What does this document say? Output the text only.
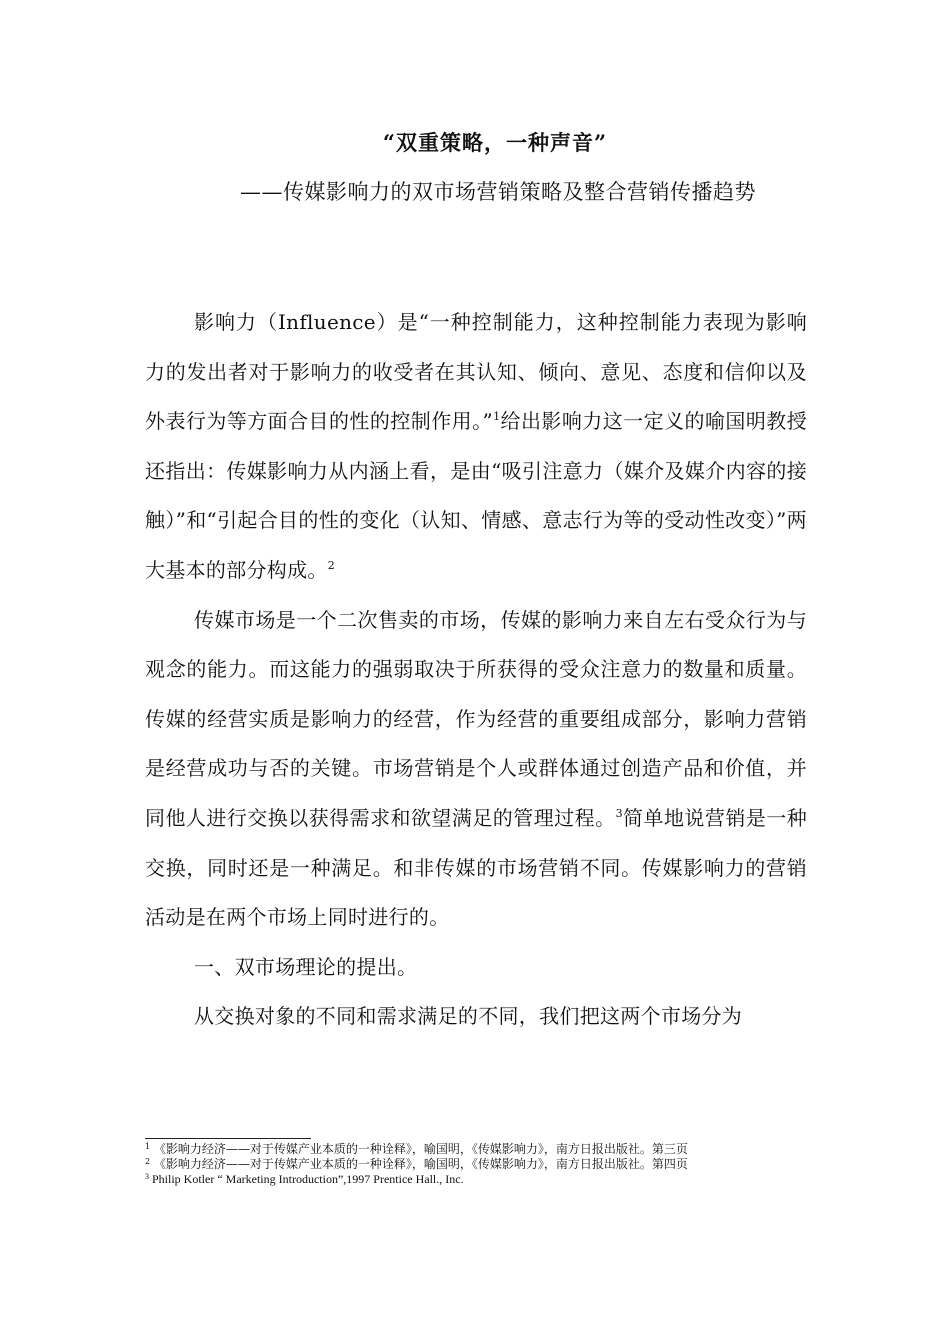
“双重策略，一种声音”
——传媒影响力的双市场营销策略及整合营销传播趋势

影响力（Influence）是“一种控制能力，这种控制能力表现为影响力的发出者对于影响力的收受者在其认知、倾向、意见、态度和信仰以及外表行为等方面合目的性的控制作用。”$^1$给出影响力这一定义的喻国明教授还指出：传媒影响力从内涵上看，是由“吸引注意力（媒介及媒介内容的接触）”和“引起合目的性的变化（认知、情感、意志行为等的受动性改变）”两大基本的部分构成。$^2$

传媒市场是一个二次售卖的市场，传媒的影响力来自左右受众行为与观念的能力。而这能力的强弱取决于所获得的受众注意力的数量和质量。传媒的经营实质是影响力的经营，作为经营的重要组成部分，影响力营销是经营成功与否的关键。市场营销是个人或群体通过创造产品和价值，并同他人进行交换以获得需求和欲望满足的管理过程。$^3$简单地说营销是一种交换，同时还是一种满足。和非传媒的市场营销不同。传媒影响力的营销活动是在两个市场上同时进行的。

一、双市场理论的提出。

从交换对象的不同和需求满足的不同，我们把这两个市场分为

$^1$ 《影响力经济——对于传媒产业本质的一种诠释》，喻国明，《传媒影响力》，南方日报出版社。第三页

$^2$ 《影响力经济——对于传媒产业本质的一种诠释》，喻国明，《传媒影响力》，南方日报出版社。第四页

$^3$ Philip Kotler “ Marketing Introduction”,1997 Prentice Hall., Inc.
